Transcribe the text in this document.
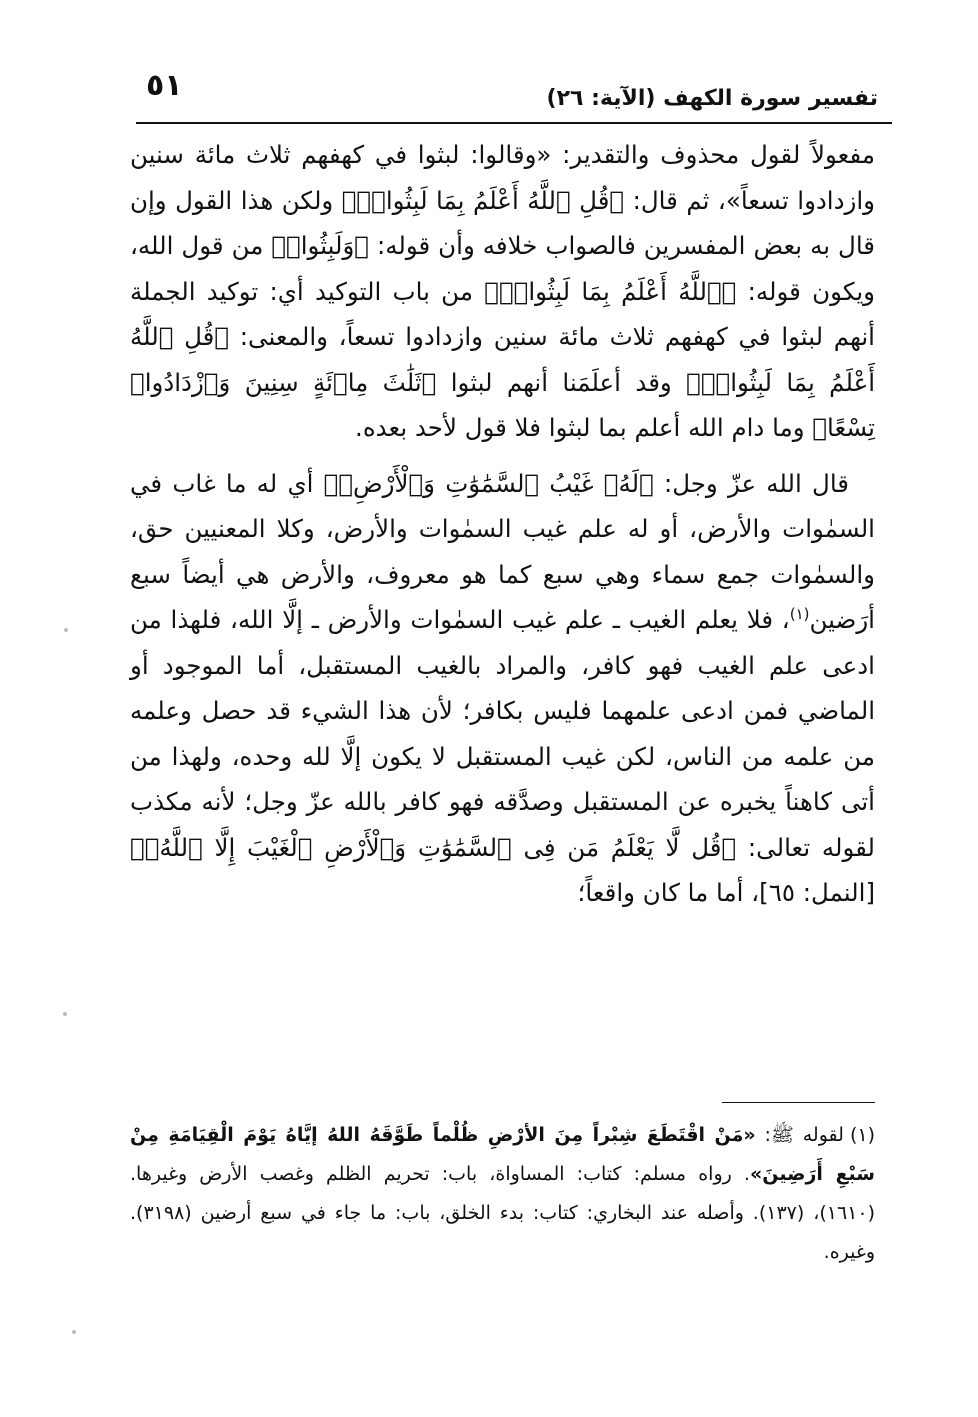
٥١	تفسير سورة الكهف (الآية: ٢٦)

مفعولاً لقول محذوف والتقدير: «وقالوا: لبثوا في كهفهم ثلاث مائة سنين وازدادوا تسعاً»، ثم قال: ﴿قُلِ ٱللَّهُ أَعْلَمُ بِمَا لَبِثُوا۟ۖ﴾ ولكن هذا القول وإن قال به بعض المفسرين فالصواب خلافه وأن قوله: ﴿وَلَبِثُوا۟﴾ من قول الله، ويكون قوله: ﴿ٱللَّهُ أَعْلَمُ بِمَا لَبِثُوا۟ۖ﴾ من باب التوكيد أي: توكيد الجملة أنهم لبثوا في كهفهم ثلاث مائة سنين وازدادوا تسعاً، والمعنى: ﴿قُلِ ٱللَّهُ أَعْلَمُ بِمَا لَبِثُوا۟ۖ﴾ وقد أعلَمَنا أنهم لبثوا ﴿ثَلَٰثَ مِا۟ئَةٍ سِنِينَ وَٱزْدَادُوا۟ تِسْعًا﴾ وما دام الله أعلم بما لبثوا فلا قول لأحد بعده.

قال الله عزّ وجل: ﴿لَهُۥ غَيْبُ ٱلسَّمَٰوَٰتِ وَٱلْأَرْضِۖ﴾ أي له ما غاب في السمٰوات والأرض، أو له علم غيب السمٰوات والأرض، وكلا المعنيين حق، والسمٰوات جمع سماء وهي سبع كما هو معروف، والأرض هي أيضاً سبع أرَضين$^{(١)}$، فلا يعلم الغيب ـ علم غيب السمٰوات والأرض ـ إلَّا الله، فلهذا من ادعى علم الغيب فهو كافر، والمراد بالغيب المستقبل، أما الموجود أو الماضي فمن ادعى علمهما فليس بكافر؛ لأن هذا الشيء قد حصل وعلمه من علمه من الناس، لكن غيب المستقبل لا يكون إلَّا لله وحده، ولهذا من أتى كاهناً يخبره عن المستقبل وصدَّقه فهو كافر بالله عزّ وجل؛ لأنه مكذب لقوله تعالى: ﴿قُل لَّا يَعْلَمُ مَن فِى ٱلسَّمَٰوَٰتِ وَٱلْأَرْضِ ٱلْغَيْبَ إِلَّا ٱللَّهُۚ﴾ [النمل: ٦٥]، أما ما كان واقعاً؛

(١)لقوله ﷺ: «مَنْ اقْتَطَعَ شِبْراً مِنَ الأرْضِ ظُلْماً طَوَّقَهُ اللهُ إيَّاهُ يَوْمَ الْقِيَامَةِ مِنْ سَبْعِ أَرَضِينَ». رواه مسلم: كتاب: المساواة، باب: تحريم الظلم وغصب الأرض وغيرها. (١٦١٠)، (١٣٧). وأصله عند البخاري: كتاب: بدء الخلق، باب: ما جاء في سبع أرضين (٣١٩٨). وغيره.
